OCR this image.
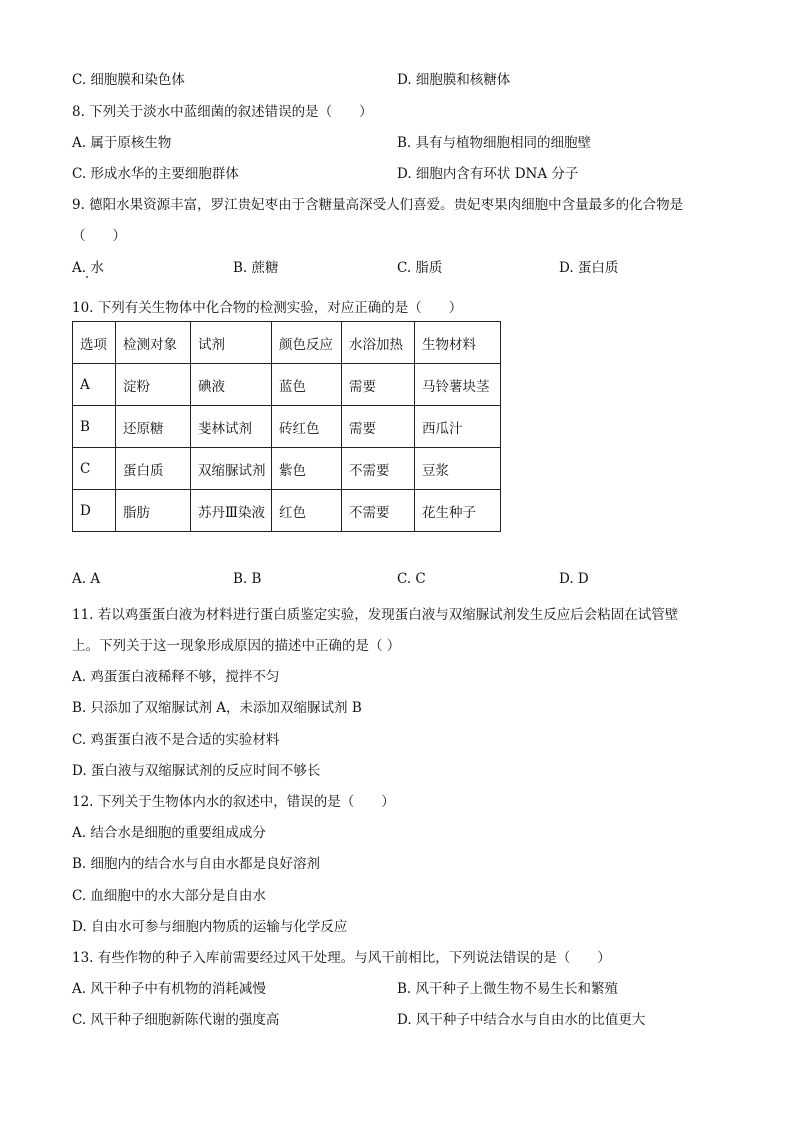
C. 细胞膜和染色体	D. 细胞膜和核糖体
8. 下列关于淡水中蓝细菌的叙述错误的是（　　）
A. 属于原核生物	B. 具有与植物细胞相同的细胞壁
C. 形成水华的主要细胞群体	D. 细胞内含有环状 DNA 分子
9. 德阳水果资源丰富，罗江贵妃枣由于含糖量高深受人们喜爱。贵妃枣果肉细胞中含量最多的化合物是
（　　）
A. 水	B. 蔗糖	C. 脂质	D. 蛋白质
10. 下列有关生物体中化合物的检测实验，对应正确的是（　　）
选项	检测对象	试剂	颜色反应	水浴加热	生物材料
A	淀粉	碘液	蓝色	需要	马铃薯块茎
B	还原糖	斐林试剂	砖红色	需要	西瓜汁
C	蛋白质	双缩脲试剂	紫色	不需要	豆浆
D	脂肪	苏丹Ⅲ染液	红色	不需要	花生种子
A. A	B. B	C. C	D. D
11. 若以鸡蛋蛋白液为材料进行蛋白质鉴定实验，发现蛋白液与双缩脲试剂发生反应后会粘固在试管壁
上。下列关于这一现象形成原因的描述中正确的是（ ）
A. 鸡蛋蛋白液稀释不够，搅拌不匀
B. 只添加了双缩脲试剂 A，未添加双缩脲试剂 B
C. 鸡蛋蛋白液不是合适的实验材料
D. 蛋白液与双缩脲试剂的反应时间不够长
12. 下列关于生物体内水的叙述中，错误的是（　　）
A. 结合水是细胞的重要组成成分
B. 细胞内的结合水与自由水都是良好溶剂
C. 血细胞中的水大部分是自由水
D. 自由水可参与细胞内物质的运输与化学反应
13. 有些作物的种子入库前需要经过风干处理。与风干前相比，下列说法错误的是（　　）
A. 风干种子中有机物的消耗减慢	B. 风干种子上微生物不易生长和繁殖
C. 风干种子细胞新陈代谢的强度高	D. 风干种子中结合水与自由水的比值更大
